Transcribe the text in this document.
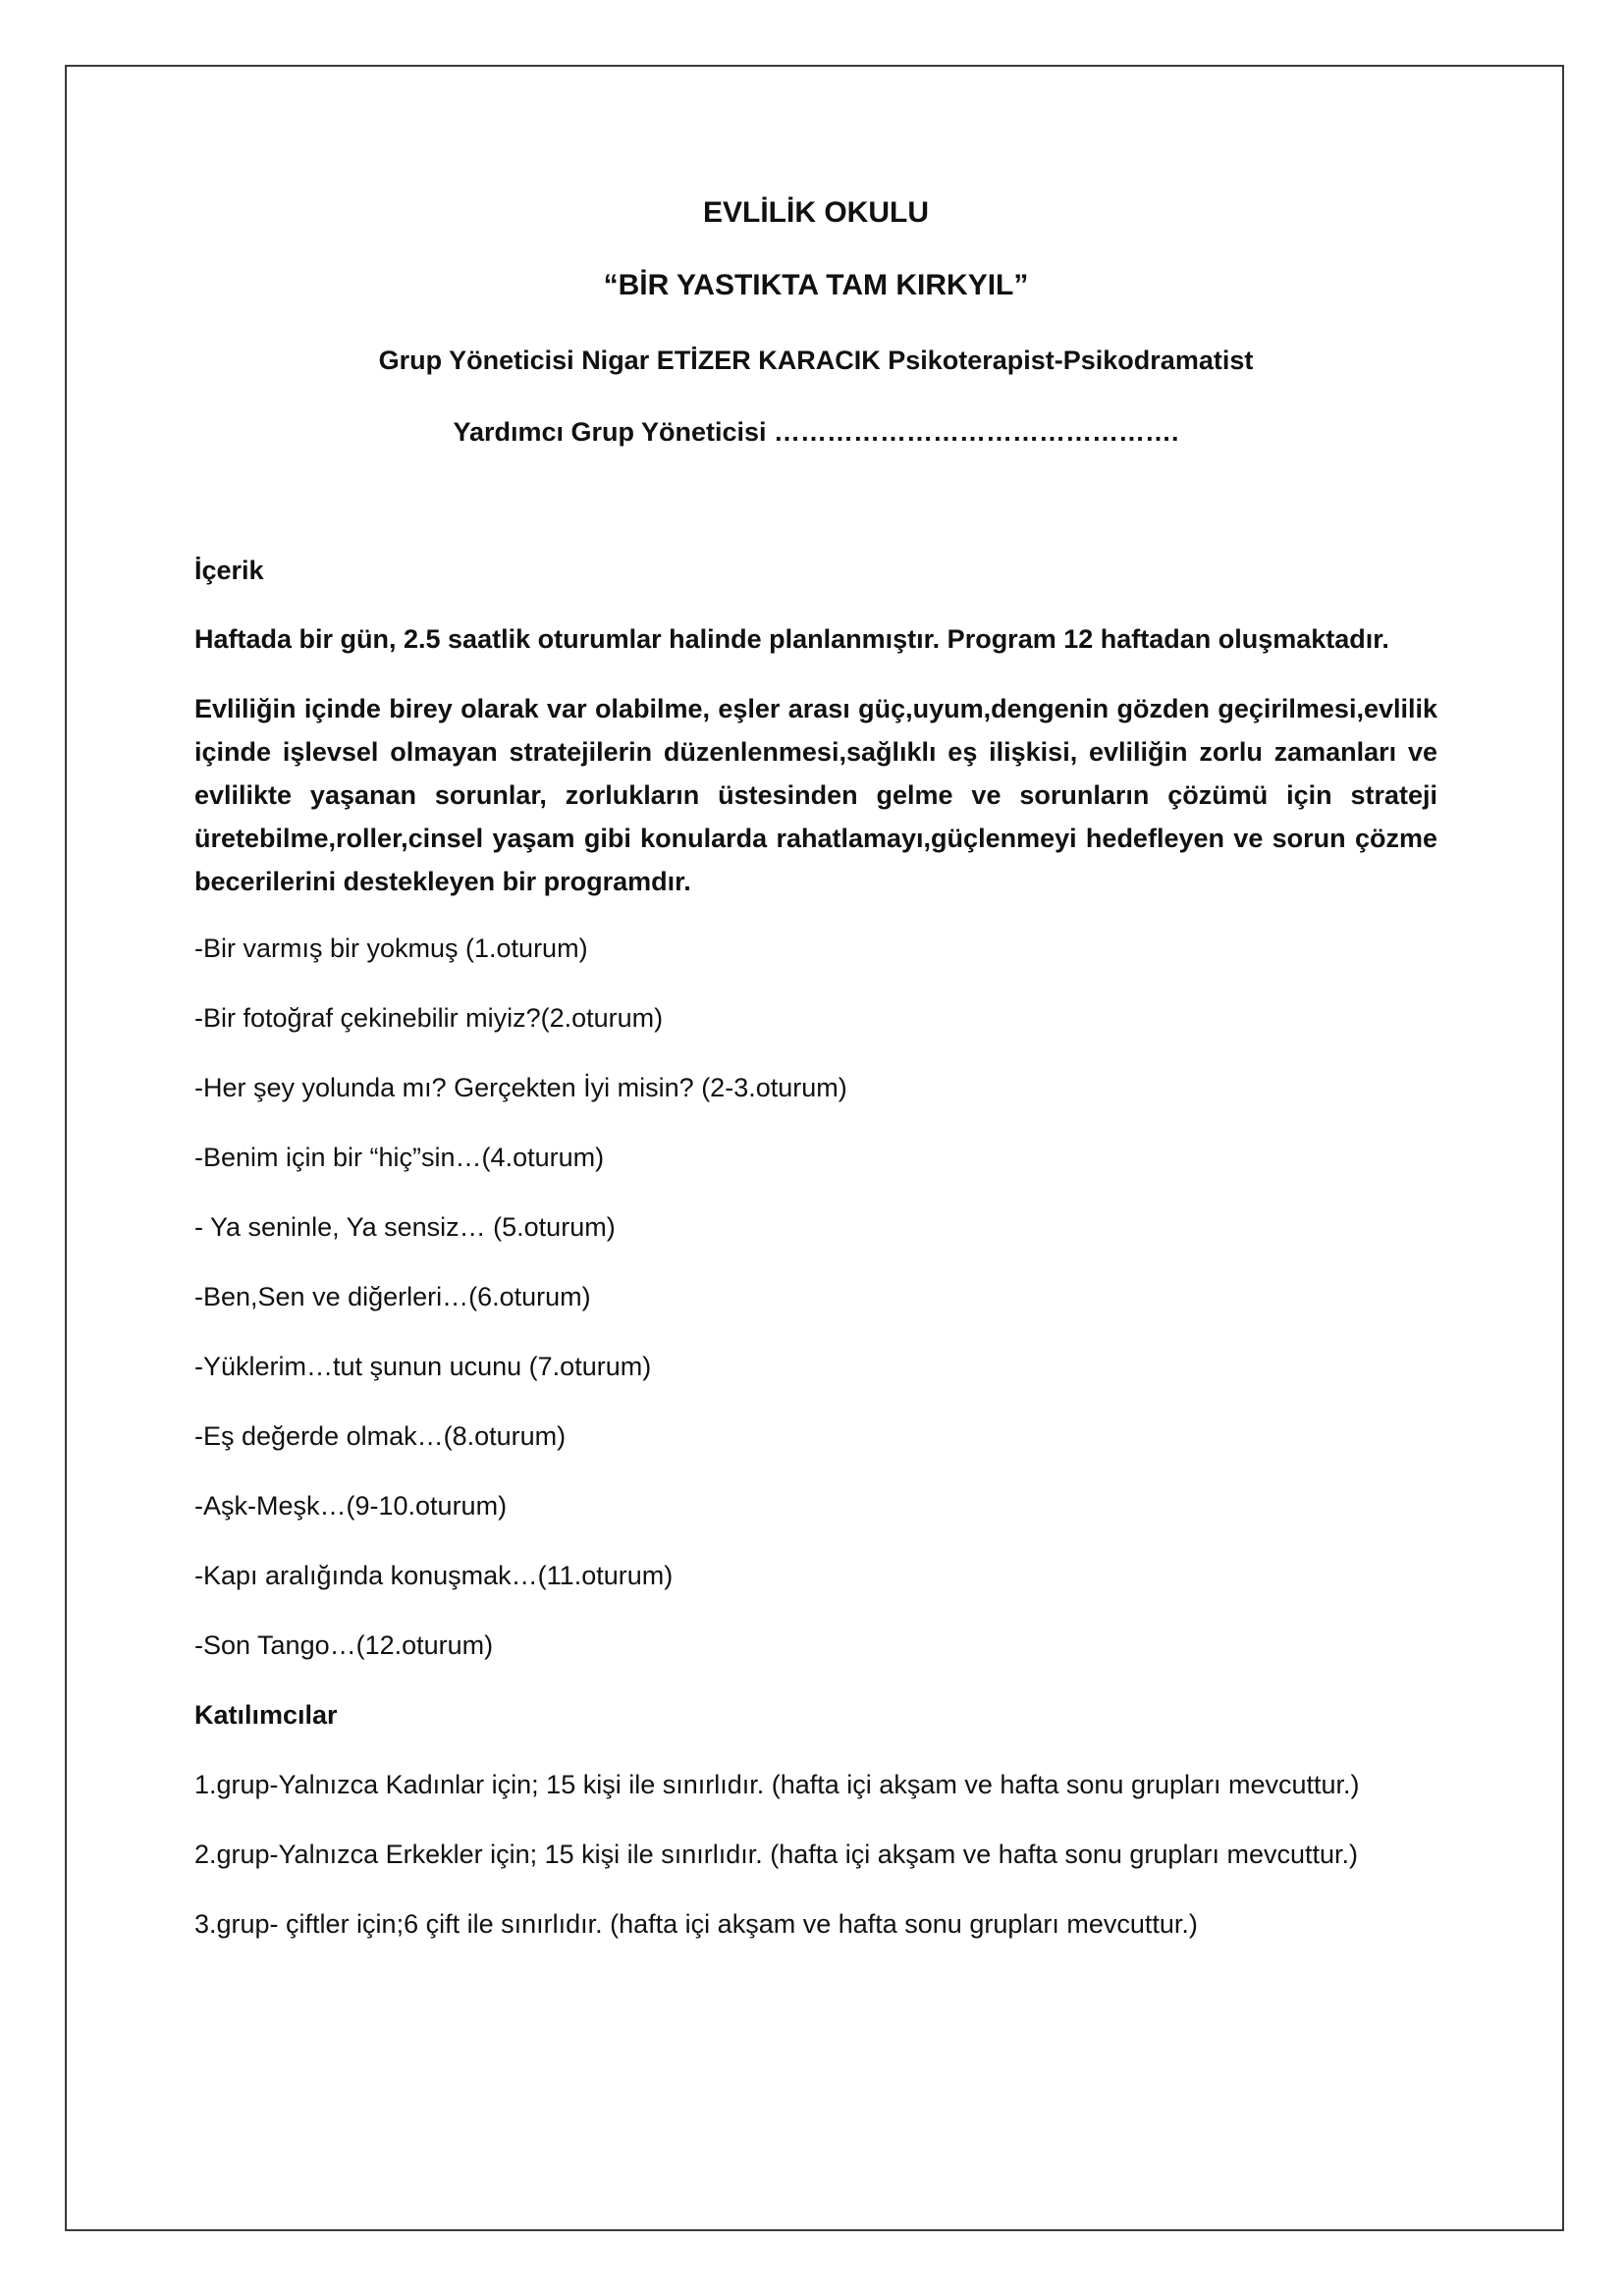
EVLİLİK OKULU
“BİR YASTIKTA TAM KIRKYIL”
Grup Yöneticisi Nigar ETİZER KARACIK Psikoterapist-Psikodramatist
Yardımcı Grup Yöneticisi ……………………………………….
İçerik
Haftada bir gün, 2.5 saatlik oturumlar halinde planlanmıştır. Program 12 haftadan oluşmaktadır.
Evliliğin içinde birey olarak var olabilme, eşler arası güç,uyum,dengenin gözden geçirilmesi,evlilik içinde işlevsel olmayan stratejilerin düzenlenmesi,sağlıklı eş ilişkisi, evliliğin zorlu zamanları ve evlilikte yaşanan sorunlar, zorlukların üstesinden gelme ve sorunların çözümü için strateji üretebilme,roller,cinsel yaşam gibi konularda rahatlamayı,güçlenmeyi hedefleyen ve sorun çözme becerilerini destekleyen bir programdır.
-Bir varmış bir yokmuş (1.oturum)
-Bir fotoğraf çekinebilir miyiz?(2.oturum)
-Her şey yolunda mı? Gerçekten İyi misin? (2-3.oturum)
-Benim için bir “hiç”sin…(4.oturum)
- Ya seninle, Ya sensiz… (5.oturum)
-Ben,Sen ve diğerleri…(6.oturum)
-Yüklerim…tut şunun ucunu (7.oturum)
-Eş değerde olmak…(8.oturum)
-Aşk-Meşk…(9-10.oturum)
-Kapı aralığında konuşmak…(11.oturum)
-Son Tango…(12.oturum)
Katılımcılar
1.grup-Yalnızca Kadınlar için; 15 kişi ile sınırlıdır. (hafta içi akşam ve hafta sonu grupları mevcuttur.)
2.grup-Yalnızca Erkekler için; 15 kişi ile sınırlıdır. (hafta içi akşam ve hafta sonu grupları mevcuttur.)
3.grup- çiftler için;6 çift ile sınırlıdır. (hafta içi akşam ve hafta sonu grupları mevcuttur.)
